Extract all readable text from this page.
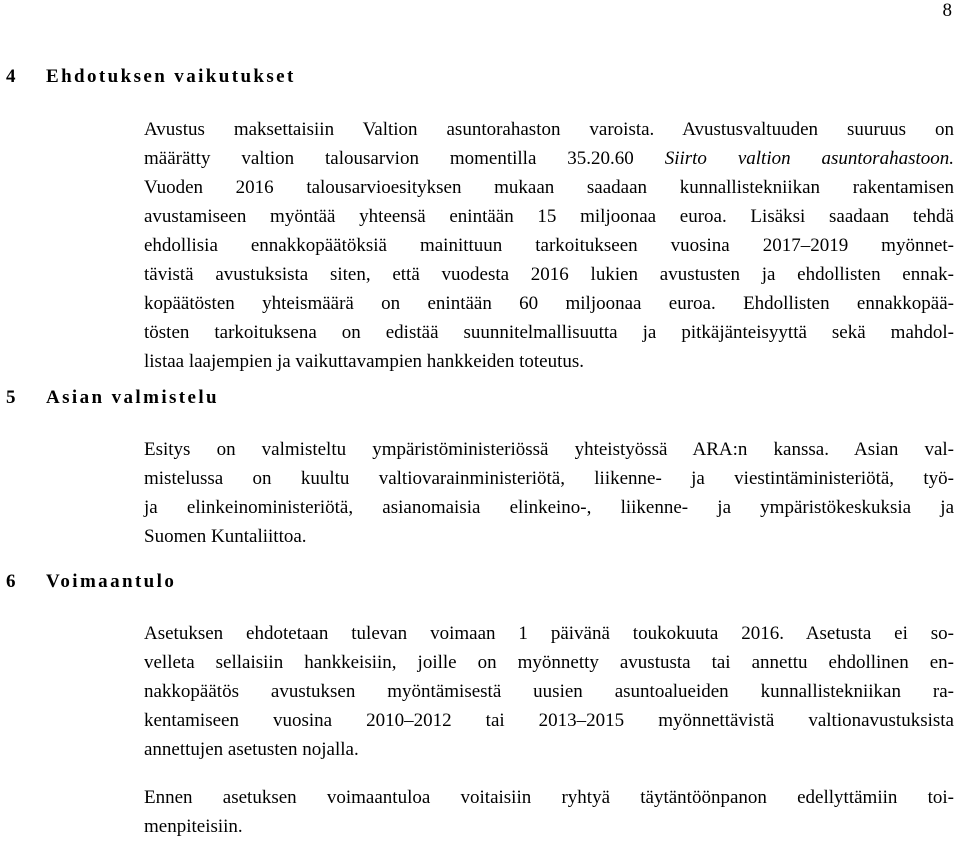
8
4 Ehdotuksen vaikutukset
Avustus maksettaisiin Valtion asuntorahaston varoista. Avustusvaltuuden suuruus on
määrätty valtion talousarvion momentilla 35.20.60 Siirto valtion asuntorahastoon.
Vuoden 2016 talousarvioesityksen mukaan saadaan kunnallistekniikan rakentamisen
avustamiseen myöntää yhteensä enintään 15 miljoonaa euroa. Lisäksi saadaan tehdä
ehdollisia ennakkopäätöksiä mainittuun tarkoitukseen vuosina 2017–2019 myönnet-
tävistä avustuksista siten, että vuodesta 2016 lukien avustusten ja ehdollisten ennak-
kopäätösten yhteismäärä on enintään 60 miljoonaa euroa. Ehdollisten ennakkopää-
tösten tarkoituksena on edistää suunnitelmallisuutta ja pitkäjänteisyyttä sekä mahdol-
listaa laajempien ja vaikuttavampien hankkeiden toteutus.
5 Asian valmistelu
Esitys on valmisteltu ympäristöministeriössä yhteistyössä ARA:n kanssa. Asian val-
mistelussa on kuultu valtiovarainministeriötä, liikenne- ja viestintäministeriötä, työ-
ja elinkeinoministeriötä, asianomaisia elinkeino-, liikenne- ja ympäristökeskuksia ja
Suomen Kuntaliittoa.
6 Voimaantulo
Asetuksen ehdotetaan tulevan voimaan 1 päivänä toukokuuta 2016. Asetusta ei so-
velleta sellaisiin hankkeisiin, joille on myönnetty avustusta tai annettu ehdollinen en-
nakkopäätös avustuksen myöntämisestä uusien asuntoalueiden kunnallistekniikan ra-
kentamiseen vuosina 2010–2012 tai 2013–2015 myönnettävistä valtionavustuksista
annettujen asetusten nojalla.
Ennen asetuksen voimaantuloa voitaisiin ryhtyä täytäntöönpanon edellyttämiin toi-
menpiteisiin.
